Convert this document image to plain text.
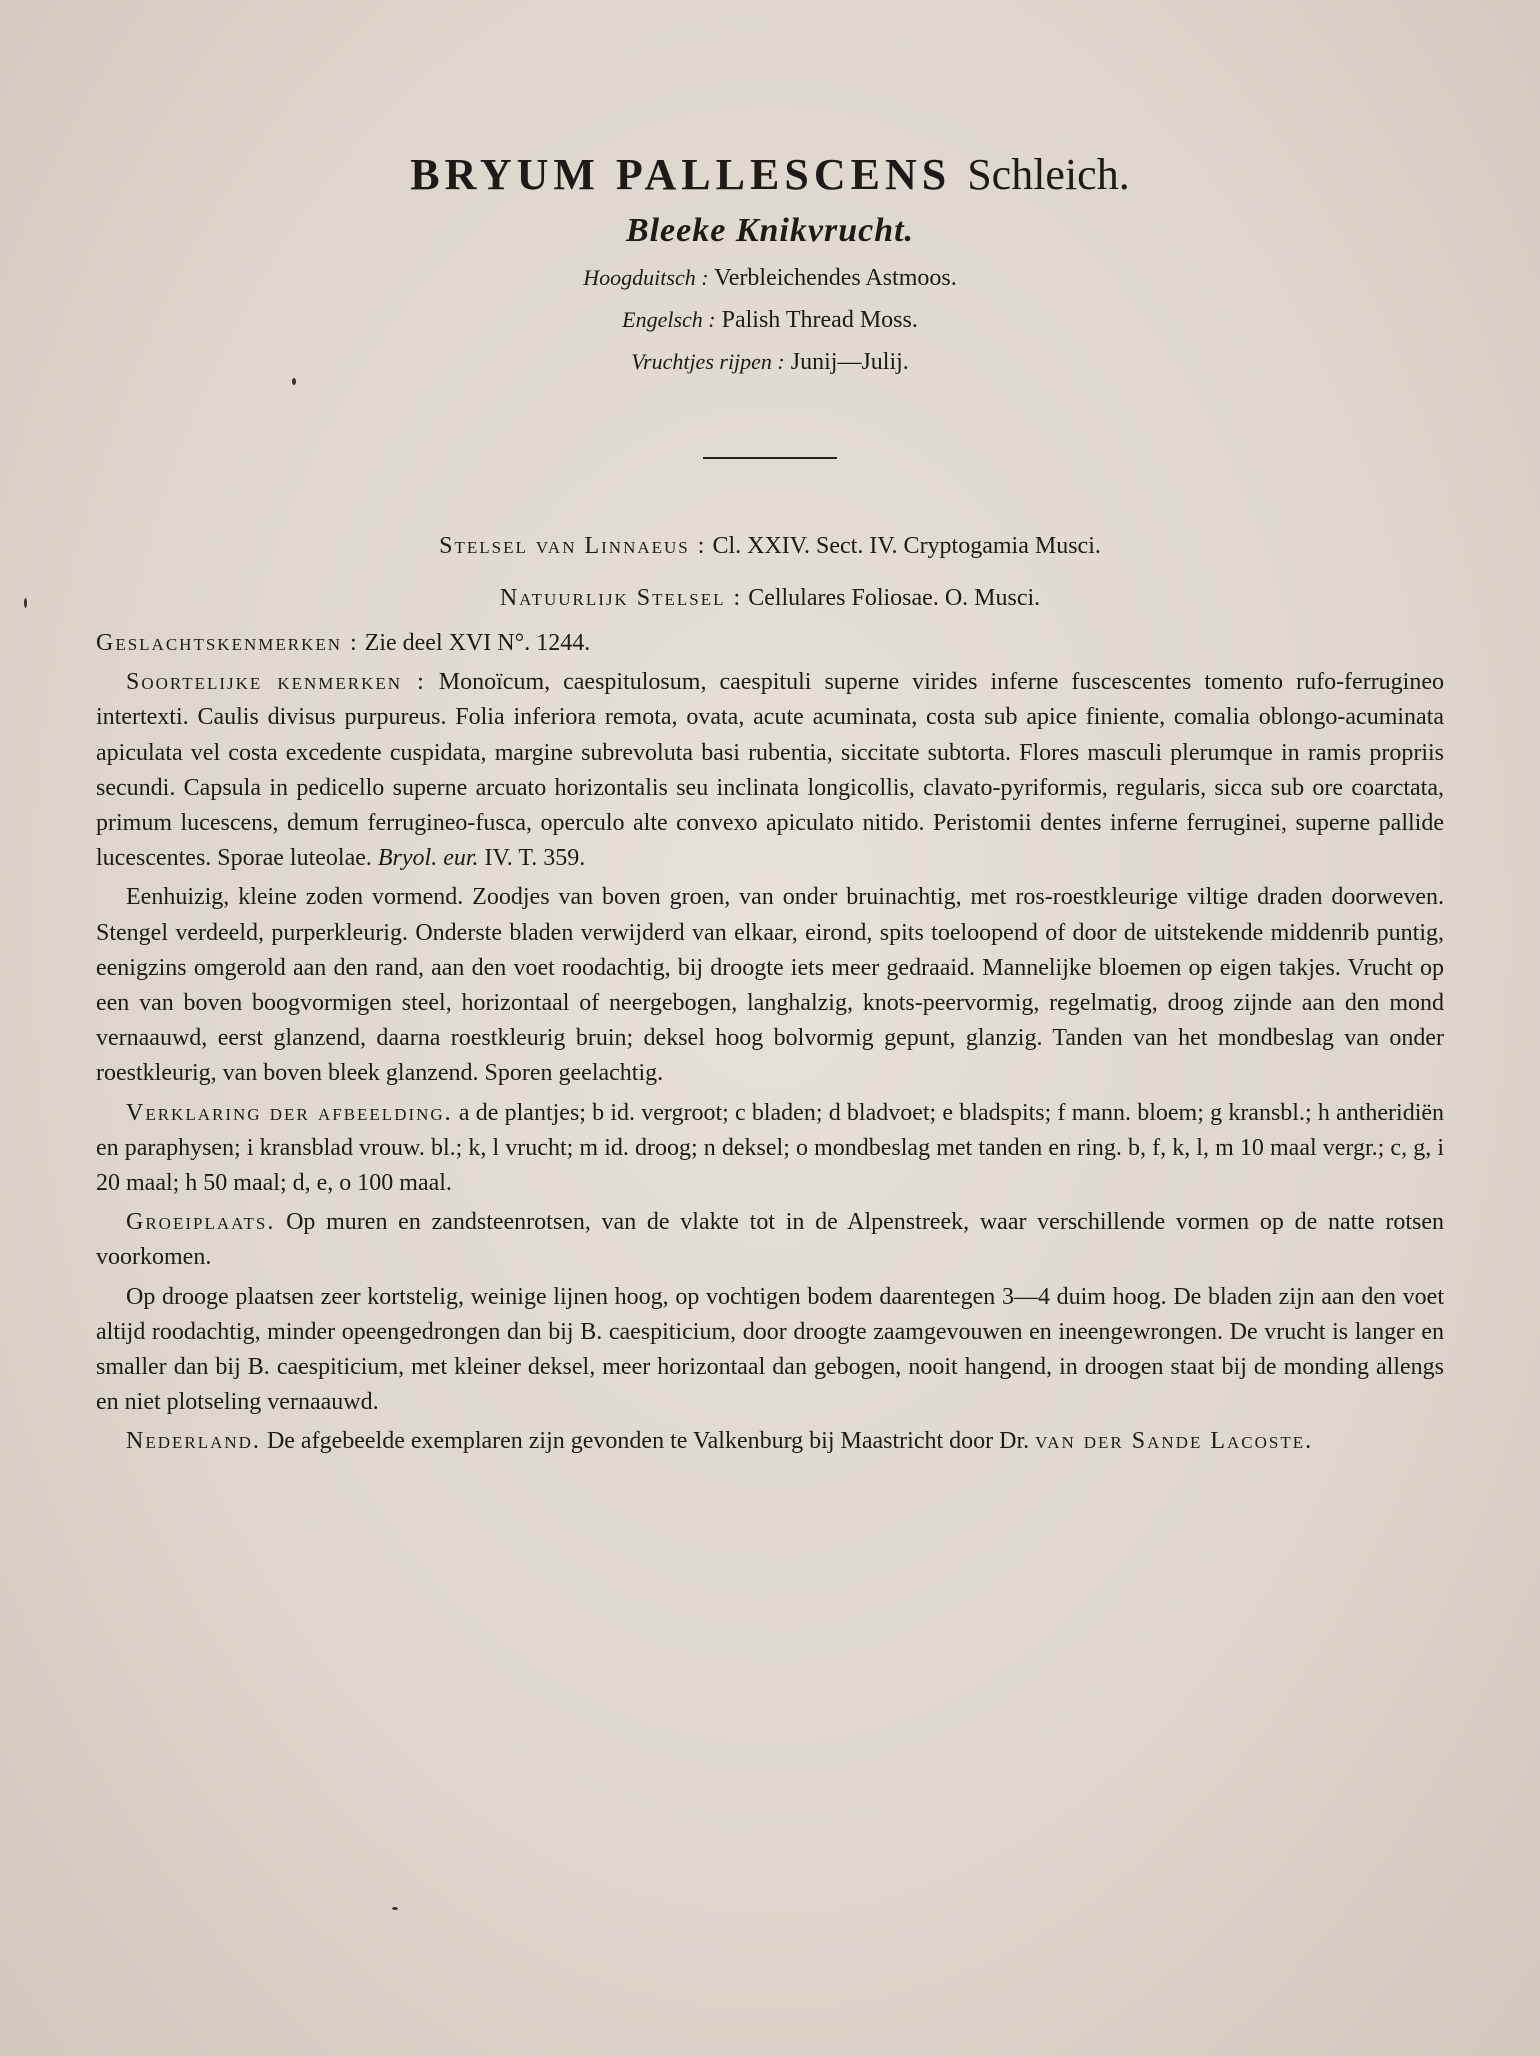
BRYUM PALLESCENS Schleich.
Bleeke Knikvrucht.
Hoogduitsch : Verbleichendes Astmoos.
Engelsch : Palish Thread Moss.
Vruchtjes rijpen : Junij—Julij.
Stelsel van Linnaeus : Cl. XXIV. Sect. IV. Cryptogamia Musci.
Natuurlijk Stelsel : Cellulares Foliosae. O. Musci.

Geslachtskenmerken : Zie deel XVI N°. 1244.

Soortelijke kenmerken : Monoïcum, caespitulosum, caespituli superne virides inferne fuscescentes tomento rufo-ferrugineo intertexti. Caulis divisus purpureus. Folia inferiora remota, ovata, acute acuminata, costa sub apice finiente, comalia oblongo-acuminata apiculata vel costa excedente cuspidata, margine subrevoluta basi rubentia, siccitate subtorta. Flores masculi plerumque in ramis propriis secundi. Capsula in pedicello superne arcuato horizontalis seu inclinata longicollis, clavato-pyriformis, regularis, sicca sub ore coarctata, primum lucescens, demum ferrugineo-fusca, operculo alte convexo apiculato nitido. Peristomii dentes inferne ferruginei, superne pallide lucescentes. Sporae luteolae. Bryol. eur. IV. T. 359.

Eenhuizig, kleine zoden vormend. Zoodjes van boven groen, van onder bruinachtig, met ros-roestkleurige viltige draden doorweven. Stengel verdeeld, purperkleurig. Onderste bladen verwijderd van elkaar, eirond, spits toeloopend of door de uitstekende middenrib puntig, eenigzins omgerold aan den rand, aan den voet roodachtig, bij droogte iets meer gedraaid. Mannelijke bloemen op eigen takjes. Vrucht op een van boven boogvormigen steel, horizontaal of neergebogen, langhalzig, knots-peervormig, regelmatig, droog zijnde aan den mond vernaauwd, eerst glanzend, daarna roestkleurig bruin; deksel hoog bolvormig gepunt, glanzig. Tanden van het mondbeslag van onder roestkleurig, van boven bleek glanzend. Sporen geelachtig.

Verklaring der afbeelding. a de plantjes; b id. vergroot; c bladen; d bladvoet; e bladspits; f mann. bloem; g kransbl.; h antheridiën en paraphysen; i kransblad vrouw. bl.; k, l vrucht; m id. droog; n deksel; o mondbeslag met tanden en ring. b, f, k, l, m 10 maal vergr.; c, g, i 20 maal; h 50 maal; d, e, o 100 maal.

Groeiplaats. Op muren en zandsteenrotsen, van de vlakte tot in de Alpenstreek, waar verschillende vormen op de natte rotsen voorkomen.

Op drooge plaatsen zeer kortstelig, weinige lijnen hoog, op vochtigen bodem daarentegen 3—4 duim hoog. De bladen zijn aan den voet altijd roodachtig, minder opeengedrongen dan bij B. caespiticium, door droogte zaamgevouwen en ineengewrongen. De vrucht is langer en smaller dan bij B. caespiticium, met kleiner deksel, meer horizontaal dan gebogen, nooit hangend, in droogen staat bij de monding allengs en niet plotseling vernaauwd.

Nederland. De afgebeelde exemplaren zijn gevonden te Valkenburg bij Maastricht door Dr. van der Sande Lacoste.
